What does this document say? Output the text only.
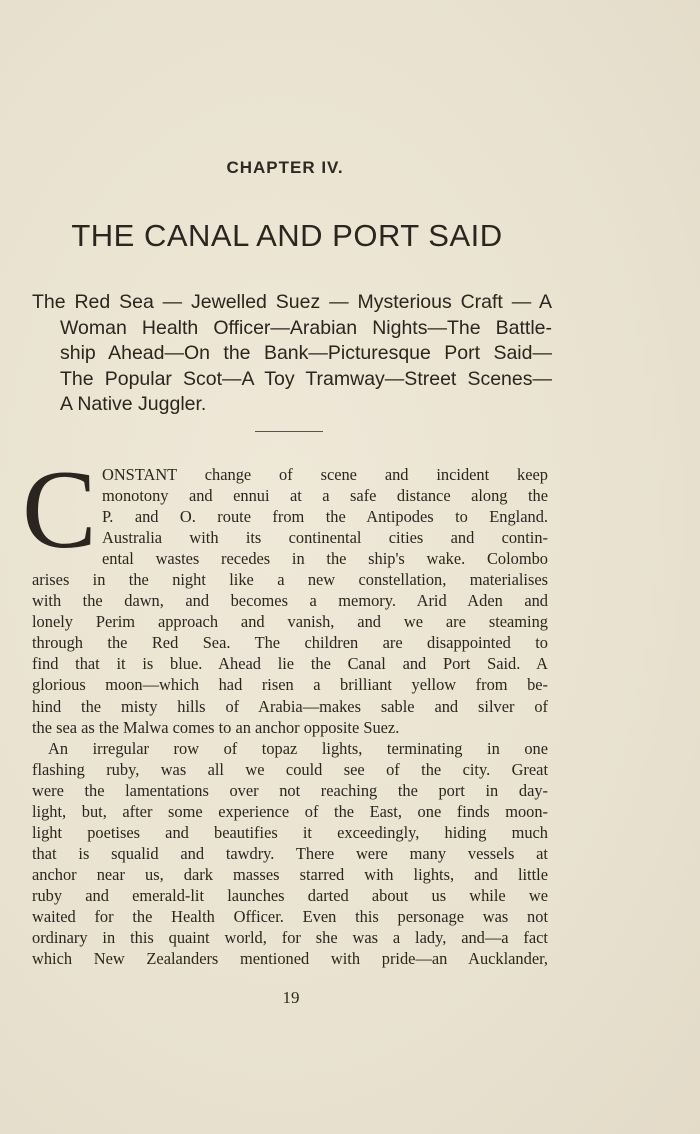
CHAPTER IV.
THE CANAL AND PORT SAID
The Red Sea — Jewelled Suez — Mysterious Craft — A
Woman Health Officer—Arabian Nights—The Battle-
ship Ahead—On the Bank—Picturesque Port Said—
The Popular Scot—A Toy Tramway—Street Scenes—
A Native Juggler.
C ONSTANT change of scene and incident keep
monotony and ennui at a safe distance along the
P. and O. route from the Antipodes to England.
Australia with its continental cities and contin-
ental wastes recedes in the ship's wake. Colombo
arises in the night like a new constellation, materialises
with the dawn, and becomes a memory. Arid Aden and
lonely Perim approach and vanish, and we are steaming
through the Red Sea. The children are disappointed to
find that it is blue. Ahead lie the Canal and Port Said. A
glorious moon—which had risen a brilliant yellow from be-
hind the misty hills of Arabia—makes sable and silver of
the sea as the Malwa comes to an anchor opposite Suez.
An irregular row of topaz lights, terminating in one
flashing ruby, was all we could see of the city. Great
were the lamentations over not reaching the port in day-
light, but, after some experience of the East, one finds moon-
light poetises and beautifies it exceedingly, hiding much
that is squalid and tawdry. There were many vessels at
anchor near us, dark masses starred with lights, and little
ruby and emerald-lit launches darted about us while we
waited for the Health Officer. Even this personage was not
ordinary in this quaint world, for she was a lady, and—a fact
which New Zealanders mentioned with pride—an Aucklander,
19
